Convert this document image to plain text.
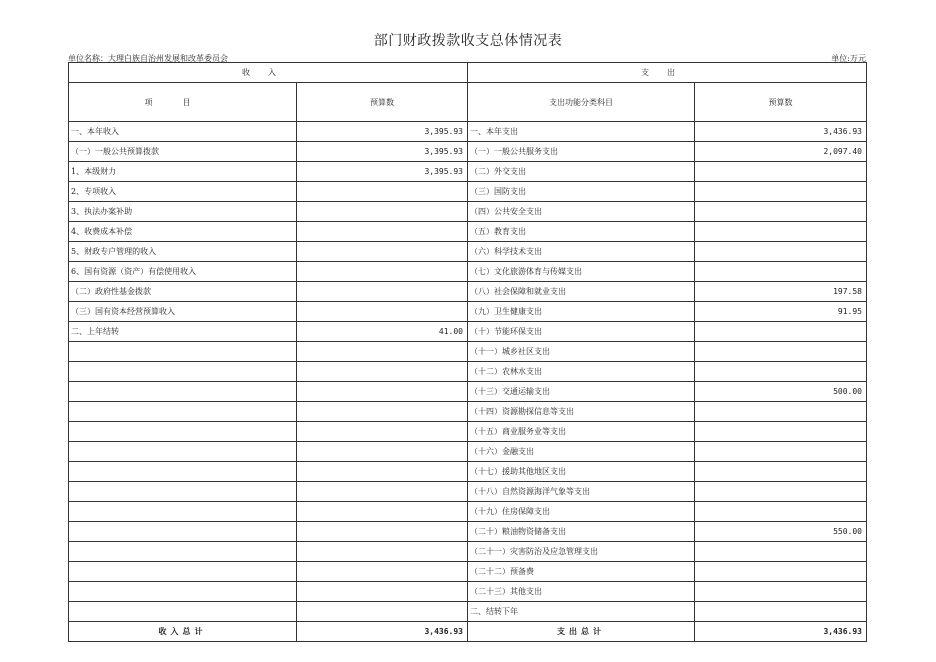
部门财政拨款收支总体情况表
单位名称：大理白族自治州发展和改革委员会	单位:万元
收入		支出	
项目	预算数	支出功能分类科目	预算数
一、本年收入	3,395.93	一、本年支出	3,436.93
（一）一般公共预算拨款	3,395.93	（一）一般公共服务支出	2,097.40
1、本级财力	3,395.93	（二）外交支出	
2、专项收入		（三）国防支出	
3、执法办案补助		（四）公共安全支出	
4、收费成本补偿		（五）教育支出	
5、财政专户管理的收入		（六）科学技术支出	
6、国有资源（资产）有偿使用收入		（七）文化旅游体育与传媒支出	
（二）政府性基金拨款		（八）社会保障和就业支出	197.58
（三）国有资本经营预算收入		（九）卫生健康支出	91.95
二、上年结转	41.00	（十）节能环保支出	
		（十一）城乡社区支出	
		（十二）农林水支出	
		（十三）交通运输支出	500.00
		（十四）资源勘探信息等支出	
		（十五）商业服务业等支出	
		（十六）金融支出	
		（十七）援助其他地区支出	
		（十八）自然资源海洋气象等支出	
		（十九）住房保障支出	
		（二十）粮油物资储备支出	550.00
		（二十一）灾害防治及应急管理支出	
		（二十二）预备费	
		（二十三）其他支出	
		二、结转下年	
收入总计	3,436.93	支出总计	3,436.93
